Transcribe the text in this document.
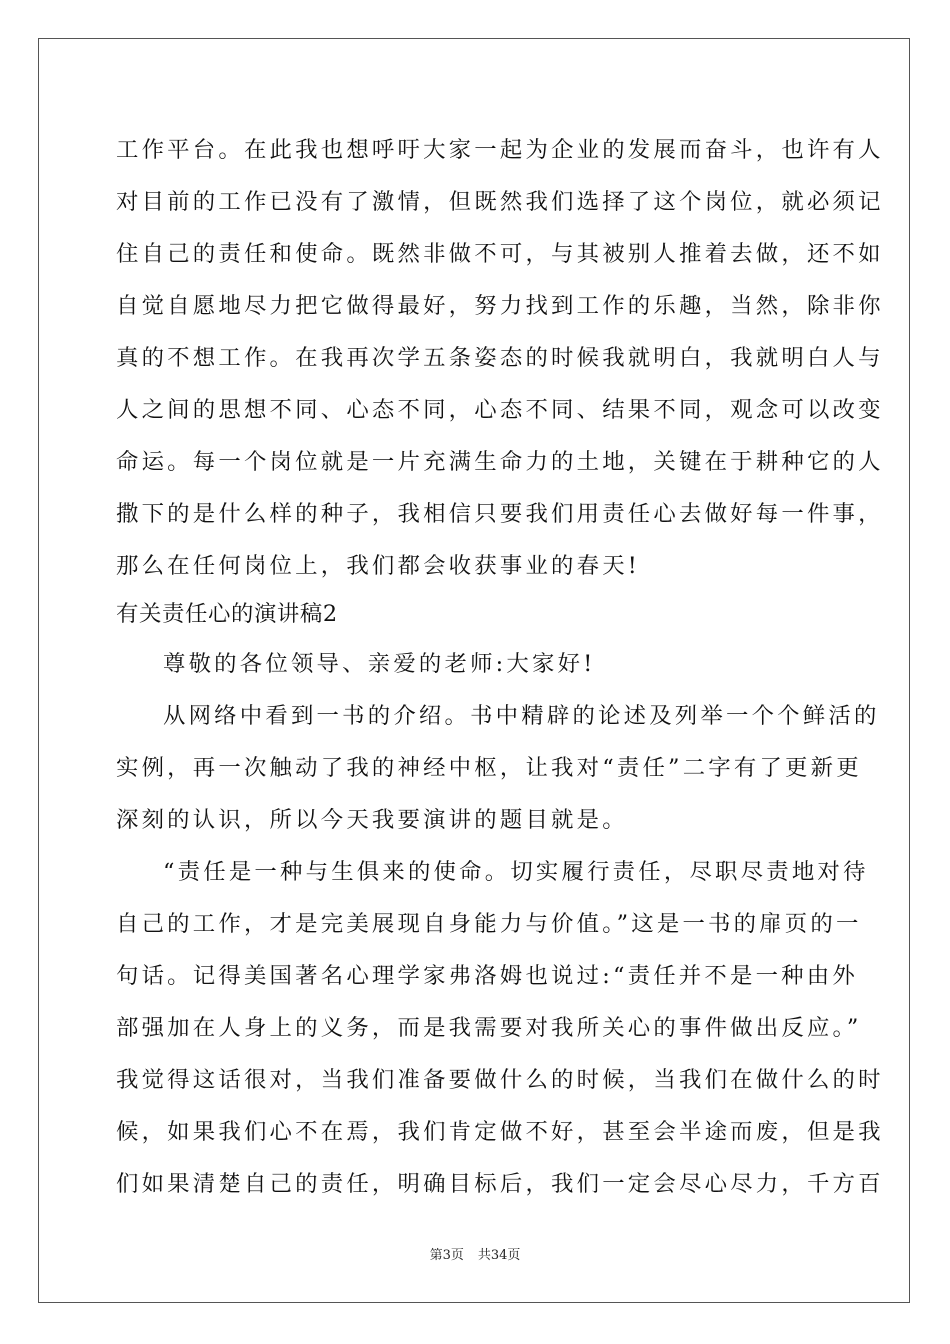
工作平台。在此我也想呼吁大家一起为企业的发展而奋斗，也许有人
对目前的工作已没有了激情，但既然我们选择了这个岗位，就必须记
住自己的责任和使命。既然非做不可，与其被别人推着去做，还不如
自觉自愿地尽力把它做得最好，努力找到工作的乐趣，当然，除非你
真的不想工作。在我再次学五条姿态的时候我就明白，我就明白人与
人之间的思想不同、心态不同，心态不同、结果不同，观念可以改变
命运。每一个岗位就是一片充满生命力的土地，关键在于耕种它的人
撒下的是什么样的种子，我相信只要我们用责任心去做好每一件事，
那么在任何岗位上，我们都会收获事业的春天!
有关责任心的演讲稿2
尊敬的各位领导、亲爱的老师:大家好!
从网络中看到一书的介绍。书中精辟的论述及列举一个个鲜活的
实例，再一次触动了我的神经中枢，让我对“责任”二字有了更新更
深刻的认识，所以今天我要演讲的题目就是。
“责任是一种与生俱来的使命。切实履行责任，尽职尽责地对待
自己的工作，才是完美展现自身能力与价值。”这是一书的扉页的一
句话。记得美国著名心理学家弗洛姆也说过:“责任并不是一种由外
部强加在人身上的义务，而是我需要对我所关心的事件做出反应。”
我觉得这话很对，当我们准备要做什么的时候，当我们在做什么的时
候，如果我们心不在焉，我们肯定做不好，甚至会半途而废，但是我
们如果清楚自己的责任，明确目标后，我们一定会尽心尽力，千方百
第3页 共34页
